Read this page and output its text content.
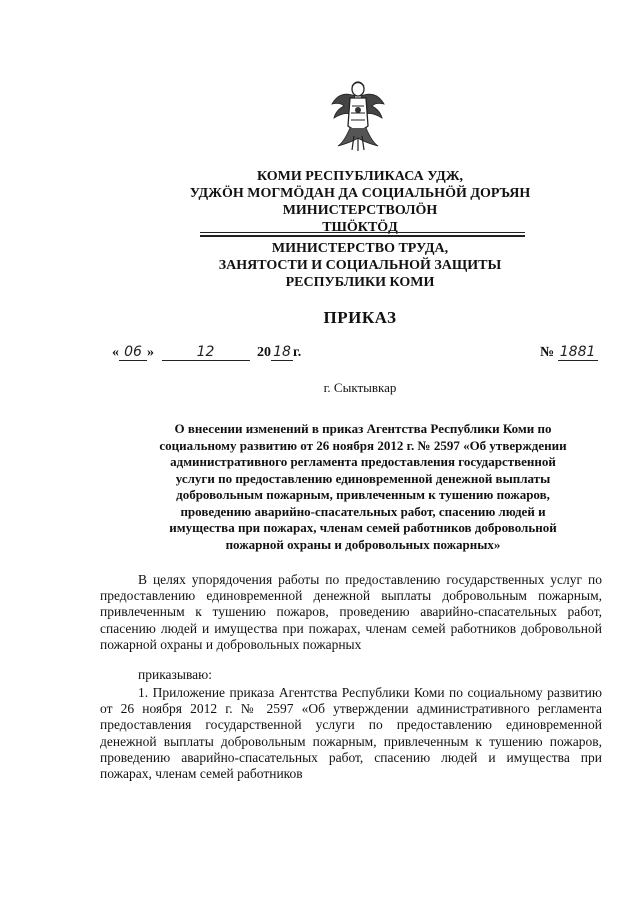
КОМИ РЕСПУБЛИКАСА УДЖ,
УДЖÖН МОГМÖДАН ДА СОЦИАЛЬНÖЙ ДОРЪЯН
МИНИСТЕРСТВОЛÖН
ТШÖКТÖД
МИНИСТЕРСТВО ТРУДА,
ЗАНЯТОСТИ И СОЦИАЛЬНОЙ ЗАЩИТЫ
РЕСПУБЛИКИ КОМИ
ПРИКАЗ
« 06 »	12	20 18 г.	№ 1881
г. Сыктывкар
О внесении изменений в приказ Агентства Республики Коми по
социальному развитию от 26 ноября 2012 г. № 2597 «Об утверждении
административного регламента предоставления государственной
услуги по предоставлению единовременной денежной выплаты
добровольным пожарным, привлеченным к тушению пожаров,
проведению аварийно-спасательных работ, спасению людей и
имущества при пожарах, членам семей работников добровольной
пожарной охраны и добровольных пожарных»
В целях упорядочения работы по предоставлению государственных услуг по предоставлению единовременной денежной выплаты добровольным пожарным, привлеченным к тушению пожаров, проведению аварийно-спасательных работ, спасению людей и имущества при пожарах, членам семей работников добровольной пожарной охраны и добровольных пожарных
приказываю:
1. Приложение приказа Агентства Республики Коми по социальному развитию от 26 ноября 2012 г. № 2597 «Об утверждении административного регламента предоставления государственной услуги по предоставлению единовременной денежной выплаты добровольным пожарным, привлеченным к тушению пожаров, проведению аварийно-спасательных работ, спасению людей и имущества при пожарах, членам семей работников
